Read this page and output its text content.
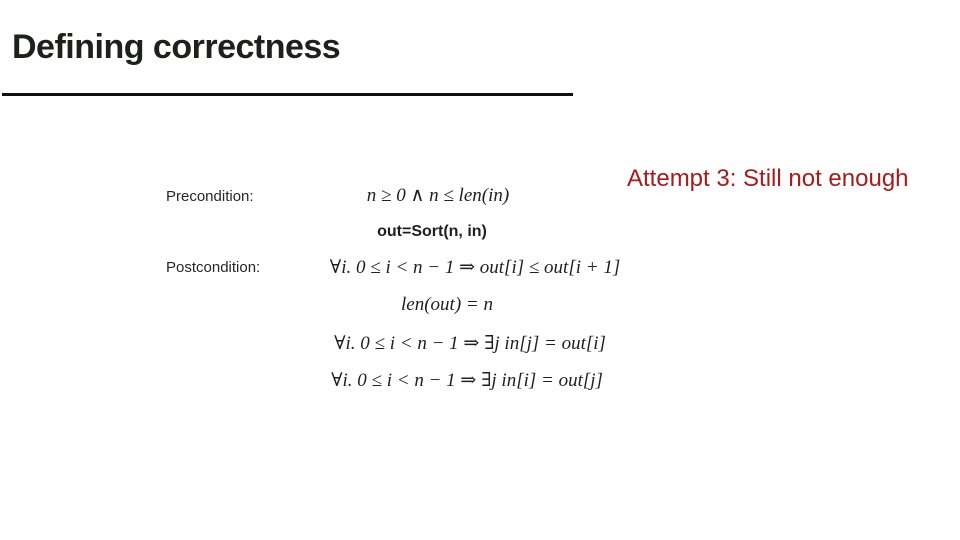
Defining correctness
Attempt 3: Still not enough
Precondition:	n ≥ 0 ∧ n ≤ len(in)
out=Sort(n, in)
Postcondition:	∀i. 0 ≤ i < n − 1 ⇒ out[i] ≤ out[i + 1]
len(out) = n
∀i. 0 ≤ i < n − 1 ⇒ ∃j in[j] = out[i]
∀i. 0 ≤ i < n − 1 ⇒ ∃j in[i] = out[j]
